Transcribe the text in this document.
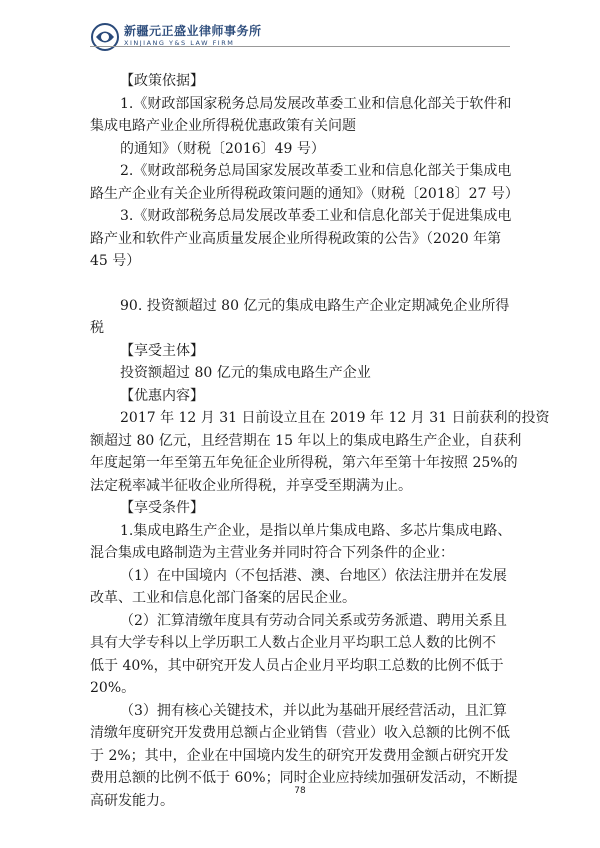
新疆元正盛业律师事务所
XINJIANG Y&S LAW FIRM

【政策依据】

1.《财政部国家税务总局发展改革委工业和信息化部关于软件和

集成电路产业企业所得税优惠政策有关问题

的通知》（财税〔2016〕49 号）

2.《财政部税务总局国家发展改革委工业和信息化部关于集成电

路生产企业有关企业所得税政策问题的通知》（财税〔2018〕27 号）

3.《财政部税务总局发展改革委工业和信息化部关于促进集成电

路产业和软件产业高质量发展企业所得税政策的公告》（2020 年第

45 号）

90. 投资额超过 80 亿元的集成电路生产企业定期减免企业所得

税

【享受主体】

投资额超过 80 亿元的集成电路生产企业

【优惠内容】

2017 年 12 月 31 日前设立且在 2019 年 12 月 31 日前获利的投资

额超过 80 亿元，且经营期在 15 年以上的集成电路生产企业，自获利

年度起第一年至第五年免征企业所得税，第六年至第十年按照 25%的

法定税率减半征收企业所得税，并享受至期满为止。

【享受条件】

1.集成电路生产企业，是指以单片集成电路、多芯片集成电路、

混合集成电路制造为主营业务并同时符合下列条件的企业：

（1）在中国境内（不包括港、澳、台地区）依法注册并在发展

改革、工业和信息化部门备案的居民企业。

（2）汇算清缴年度具有劳动合同关系或劳务派遣、聘用关系且

具有大学专科以上学历职工人数占企业月平均职工总人数的比例不

低于 40%，其中研究开发人员占企业月平均职工总数的比例不低于

20%。

（3）拥有核心关键技术，并以此为基础开展经营活动，且汇算

清缴年度研究开发费用总额占企业销售（营业）收入总额的比例不低

于 2%；其中，企业在中国境内发生的研究开发费用金额占研究开发

费用总额的比例不低于 60%；同时企业应持续加强研发活动，不断提

高研发能力。

78
